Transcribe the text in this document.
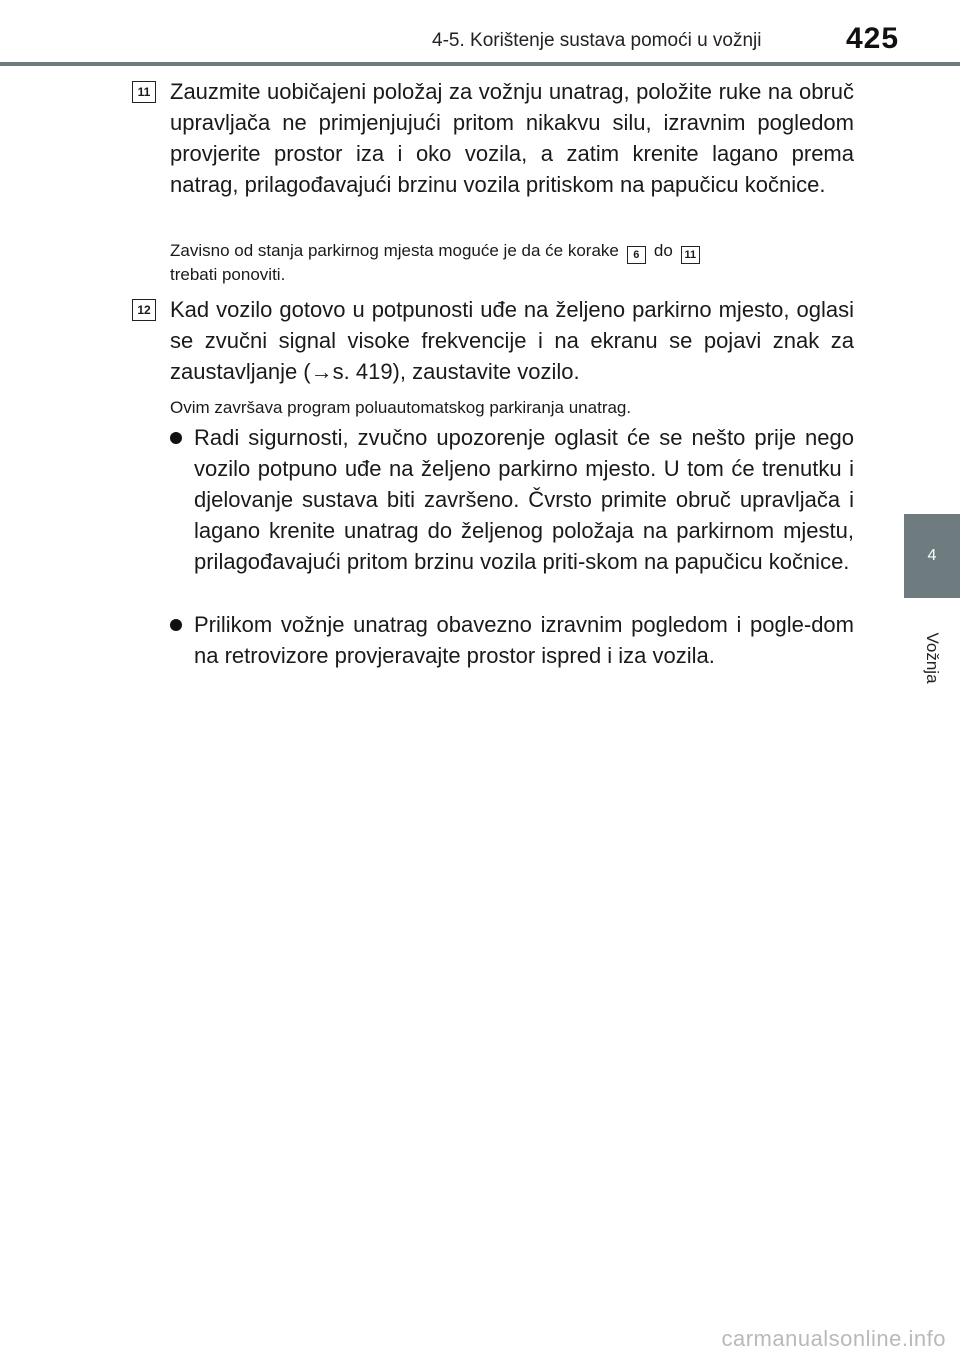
4-5. Korištenje sustava pomoći u vožnji	425
4
Vožnja
11 Zauzmite uobičajeni položaj za vožnju unatrag, položite ruke na obruč upravljača ne primjenjujući pritom nikakvu silu, izravnim pogledom provjerite prostor iza i oko vozila, a zatim krenite lagano prema natrag, prilagođavajući brzinu vozila pritiskom na papučicu kočnice.
Zavisno od stanja parkirnog mjesta moguće je da će korake 6 do 11
trebati ponoviti.
12 Kad vozilo gotovo u potpunosti uđe na željeno parkirno mjesto, oglasi se zvučni signal visoke frekvencije i na ekranu se pojavi znak za zaustavljanje (→s. 419), zaustavite vozilo.
Ovim završava program poluautomatskog parkiranja unatrag.
Radi sigurnosti, zvučno upozorenje oglasit će se nešto prije nego vozilo potpuno uđe na željeno parkirno mjesto. U tom će trenutku i djelovanje sustava biti završeno. Čvrsto primite obruč upravljača i lagano krenite unatrag do željenog položaja na parkirnom mjestu, prilagođavajući pritom brzinu vozila priti-skom na papučicu kočnice.
Prilikom vožnje unatrag obavezno izravnim pogledom i pogle-dom na retrovizore provjeravajte prostor ispred i iza vozila.
carmanualsonline.info
